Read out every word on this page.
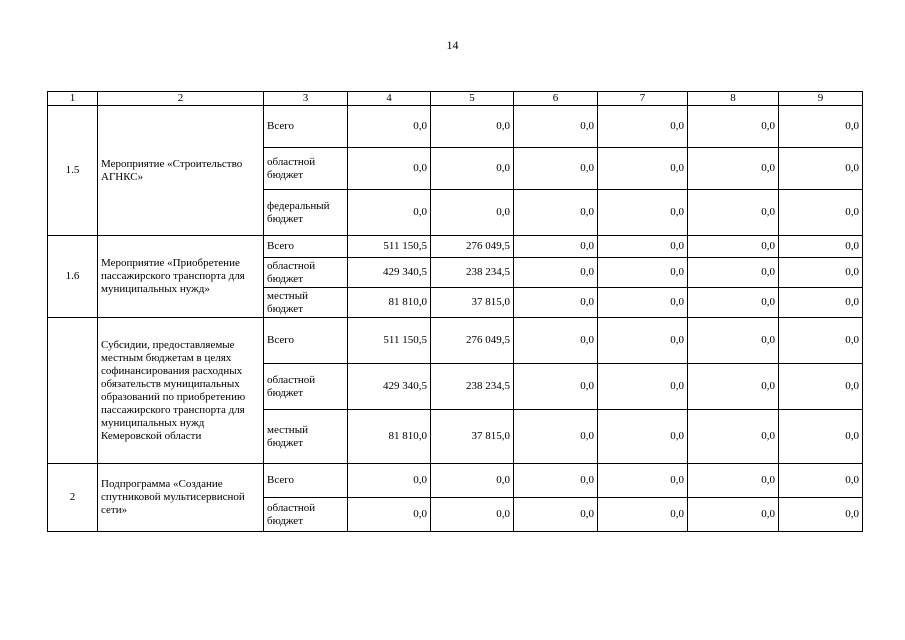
14
1	2	3	4	5	6	7	8	9
1.5	Мероприятие «Строительство АГНКС»	Всего	0,0	0,0	0,0	0,0	0,0	0,0
		областной бюджет	0,0	0,0	0,0	0,0	0,0	0,0
		федеральный бюджет	0,0	0,0	0,0	0,0	0,0	0,0
1.6	Мероприятие «Приобретение пассажирского транспорта для муниципальных нужд»	Всего	511 150,5	276 049,5	0,0	0,0	0,0	0,0
		областной бюджет	429 340,5	238 234,5	0,0	0,0	0,0	0,0
		местный бюджет	81 810,0	37 815,0	0,0	0,0	0,0	0,0
	Субсидии, предоставляемые местным бюджетам в целях софинансирования расходных обязательств муниципальных образований по приобретению пассажирского транспорта для муниципальных нужд Кемеровской области	Всего	511 150,5	276 049,5	0,0	0,0	0,0	0,0
		областной бюджет	429 340,5	238 234,5	0,0	0,0	0,0	0,0
		местный бюджет	81 810,0	37 815,0	0,0	0,0	0,0	0,0
2	Подпрограмма «Создание спутниковой мультисервисной сети»	Всего	0,0	0,0	0,0	0,0	0,0	0,0
		областной бюджет	0,0	0,0	0,0	0,0	0,0	0,0
